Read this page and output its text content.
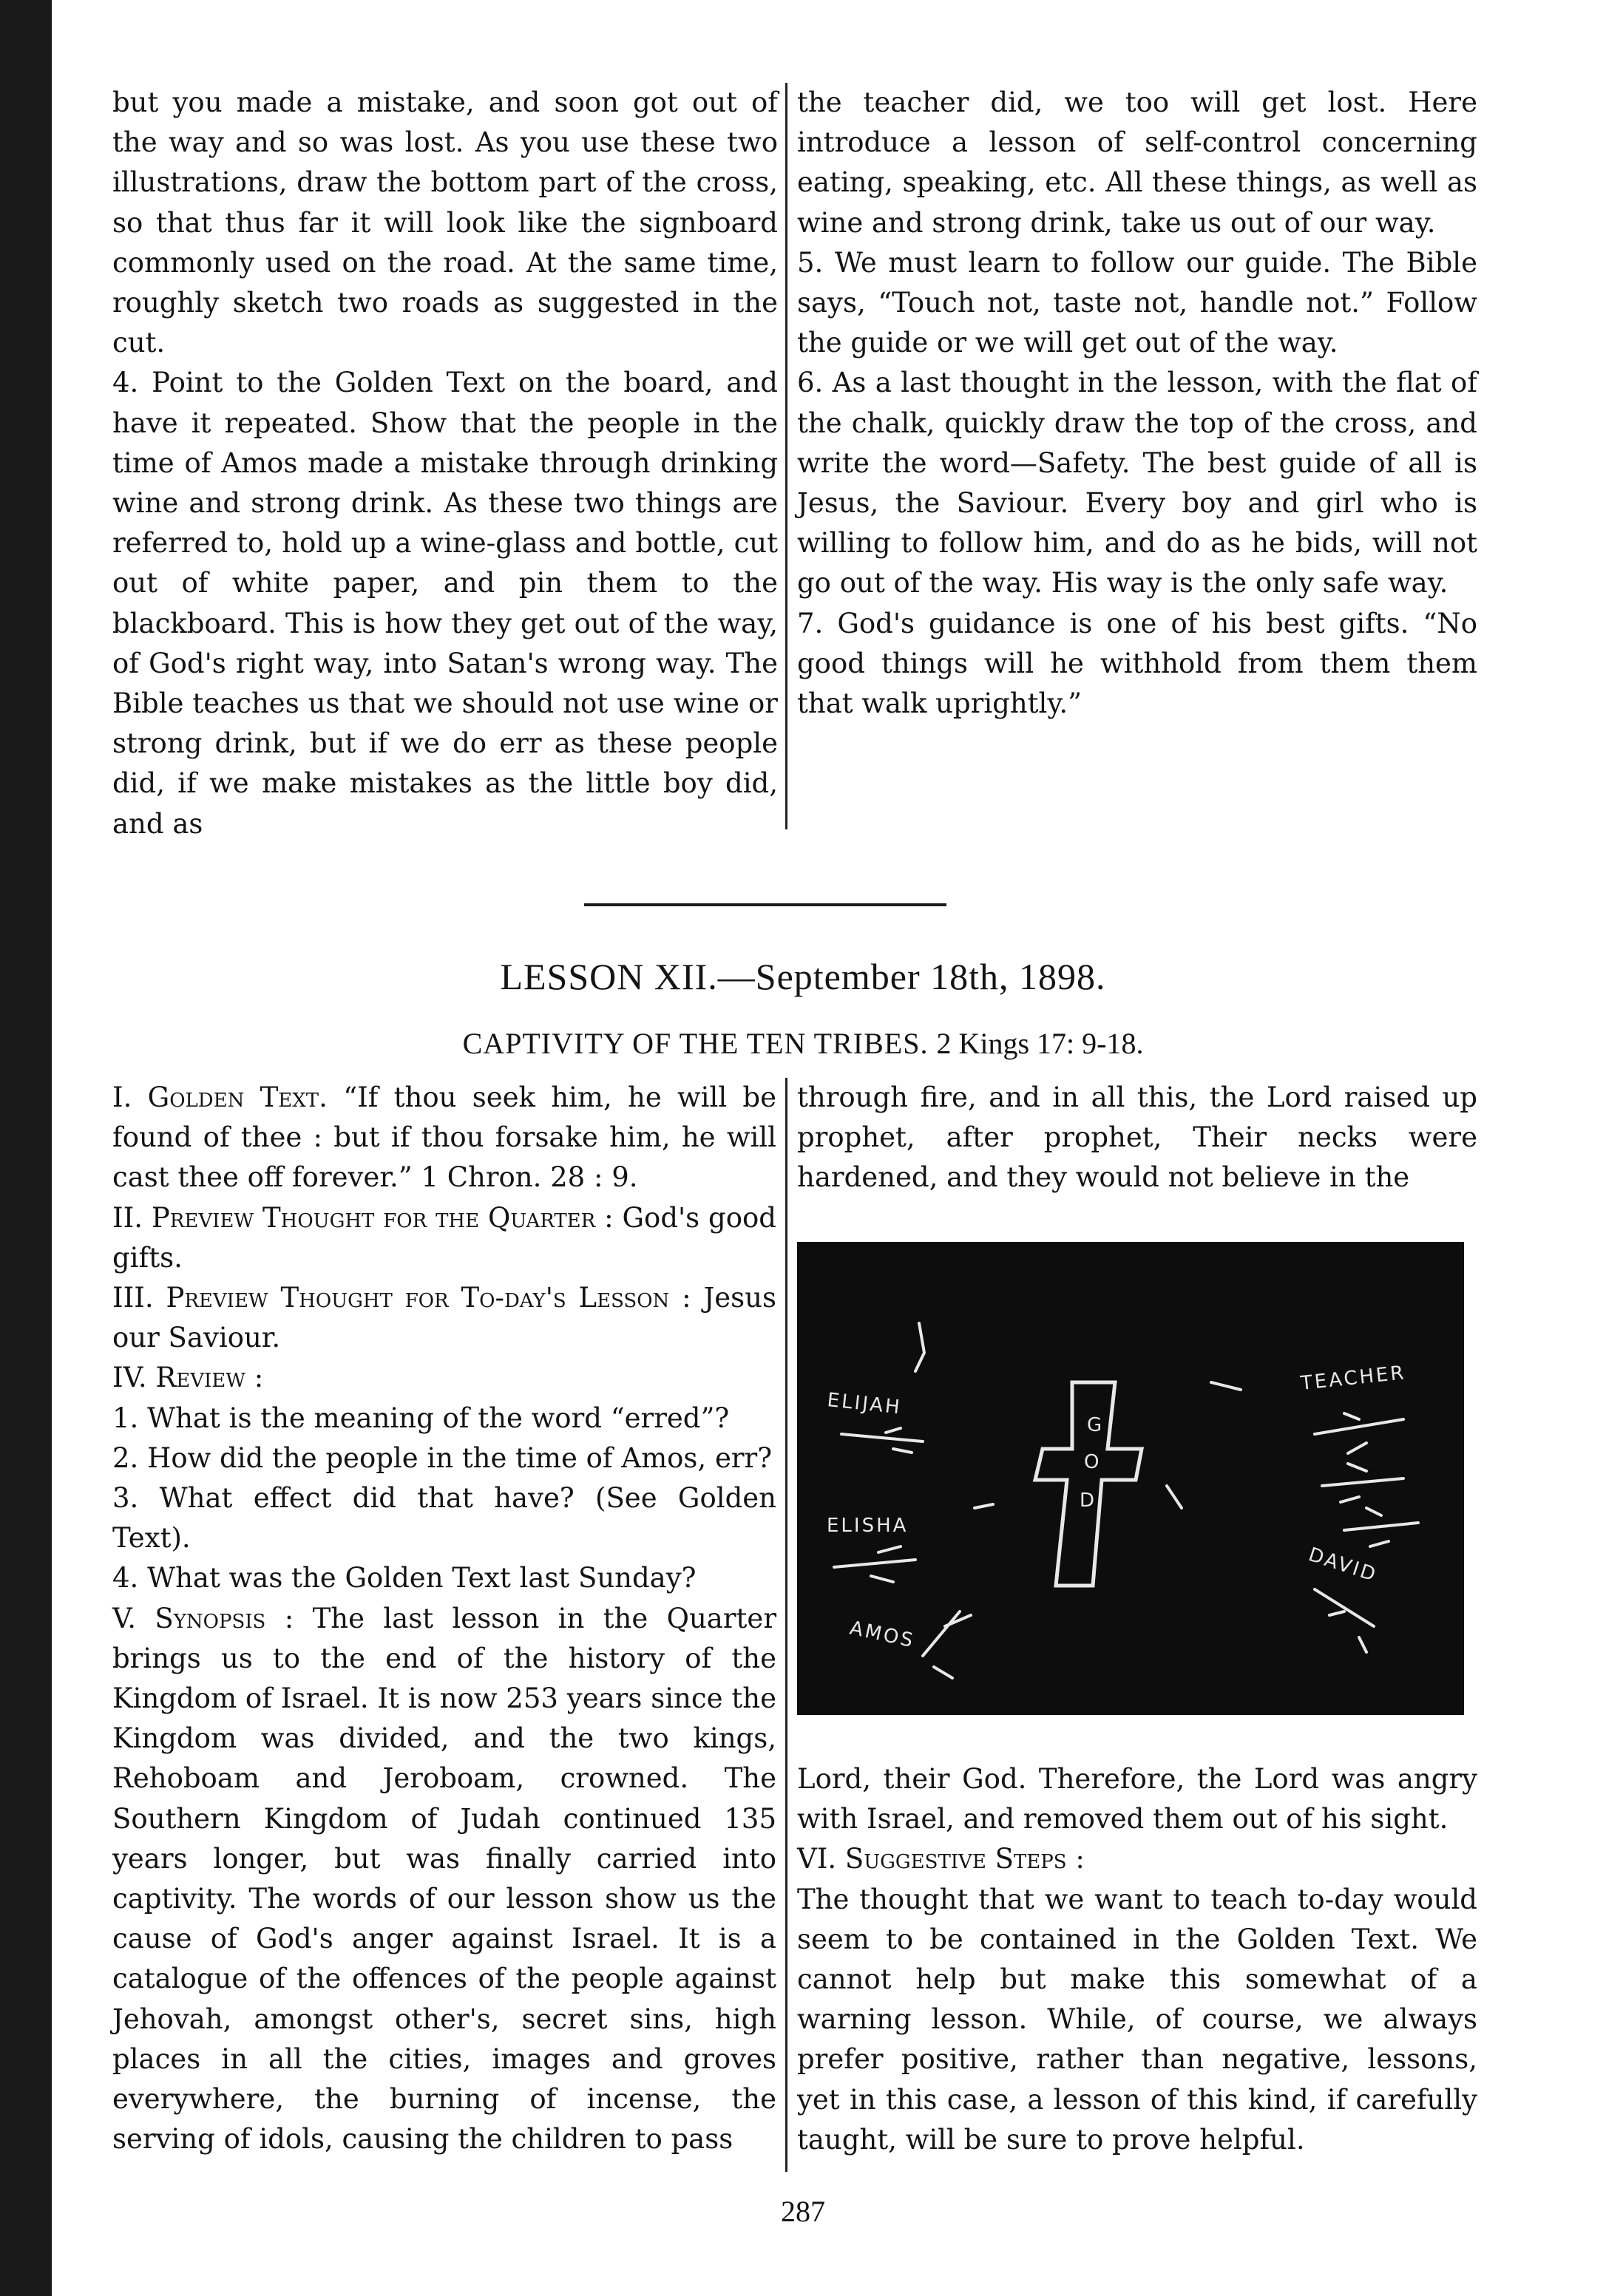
but you made a mistake, and soon got out of the way and so was lost. As you use these two illustrations, draw the bottom part of the cross, so that thus far it will look like the signboard commonly used on the road. At the same time, roughly sketch two roads as suggested in the cut.

4. Point to the Golden Text on the board, and have it repeated. Show that the people in the time of Amos made a mistake through drinking wine and strong drink. As these two things are referred to, hold up a wine-glass and bottle, cut out of white paper, and pin them to the blackboard. This is how they get out of the way, of God's right way, into Satan's wrong way. The Bible teaches us that we should not use wine or strong drink, but if we do err as these people did, if we make mistakes as the little boy did, and as

the teacher did, we too will get lost. Here introduce a lesson of self-control concerning eating, speaking, etc. All these things, as well as wine and strong drink, take us out of our way.

5. We must learn to follow our guide. The Bible says, “Touch not, taste not, handle not.” Follow the guide or we will get out of the way.

6. As a last thought in the lesson, with the flat of the chalk, quickly draw the top of the cross, and write the word—Safety. The best guide of all is Jesus, the Saviour. Every boy and girl who is willing to follow him, and do as he bids, will not go out of the way. His way is the only safe way.

7. God's guidance is one of his best gifts. “No good things will he withhold from them them that walk uprightly.”

LESSON XII.—September 18th, 1898.
CAPTIVITY OF THE TEN TRIBES. 2 Kings 17: 9-18.

I. Golden Text. “If thou seek him, he will be found of thee : but if thou forsake him, he will cast thee off forever.” 1 Chron. 28 : 9.

II. Preview Thought for the Quarter : God's good gifts.

III. Preview Thought for To-day's Lesson : Jesus our Saviour.

IV. Review :

1. What is the meaning of the word “erred”?

2. How did the people in the time of Amos, err?

3. What effect did that have? (See Golden Text).

4. What was the Golden Text last Sunday?

V. Synopsis : The last lesson in the Quarter brings us to the end of the history of the Kingdom of Israel. It is now 253 years since the Kingdom was divided, and the two kings, Rehoboam and Jeroboam, crowned. The Southern Kingdom of Judah continued 135 years longer, but was finally carried into captivity. The words of our lesson show us the cause of God's anger against Israel. It is a catalogue of the offences of the people against Jehovah, amongst other's, secret sins, high places in all the cities, images and groves everywhere, the burning of incense, the serving of idols, causing the children to pass

through fire, and in all this, the Lord raised up prophet, after prophet, Their necks were hardened, and they would not believe in the

G
O
D
ELIJAH
ELISHA
AMOS
TEACHER
DAVID

Lord, their God. Therefore, the Lord was angry with Israel, and removed them out of his sight.

VI. Suggestive Steps :

The thought that we want to teach to-day would seem to be contained in the Golden Text. We cannot help but make this somewhat of a warning lesson. While, of course, we always prefer positive, rather than negative, lessons, yet in this case, a lesson of this kind, if carefully taught, will be sure to prove helpful.

287
